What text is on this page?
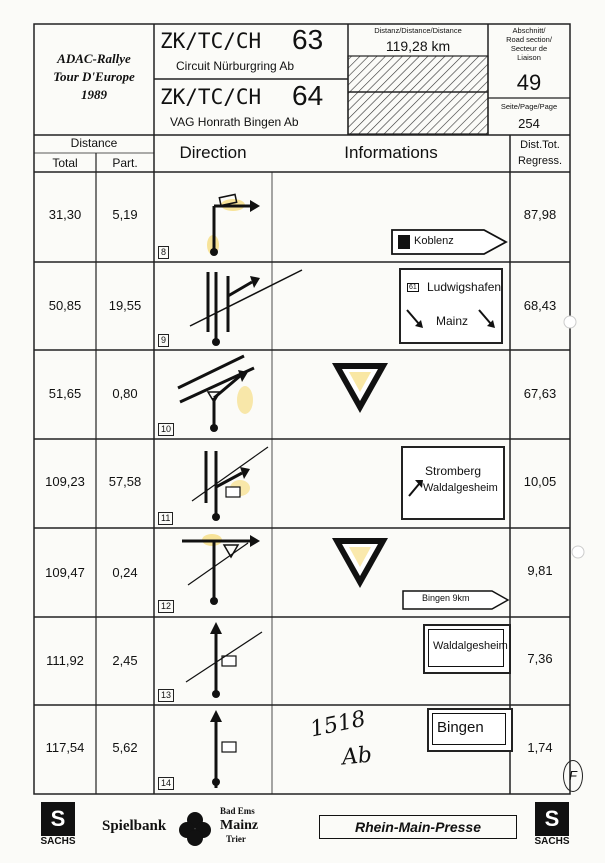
ADAC-Rallye
Tour D'Europe
1989
ZK/TC/CH 63
Circuit Nürburgring Ab
ZK/TC/CH 64
VAG Honrath Bingen Ab
Distanz/Distance/Distance
119,28 km
Abschnitt/
Road section/
Secteur de
Liaison
49
Seite/Page/Page
254
Distance
Total	Part.
Direction	Informations	Dist.Tot.
Regress.
31,30	5,19	87,98
8
Koblenz
50,85	19,55	68,43
9
61 Ludwigshafen
Mainz
51,65	0,80	67,63
10
109,23	57,58	10,05
11
Stromberg
Waldalgesheim
109,47	0,24	9,81
12
Bingen 9km
111,92	2,45	7,36
13
Waldalgesheim
117,54	5,62	1,74
14
1518
Ab
Bingen
F
S
SACHS
Spielbank
Bad Ems
Mainz
Trier
Rhein-Main-Presse	S
SACHS
